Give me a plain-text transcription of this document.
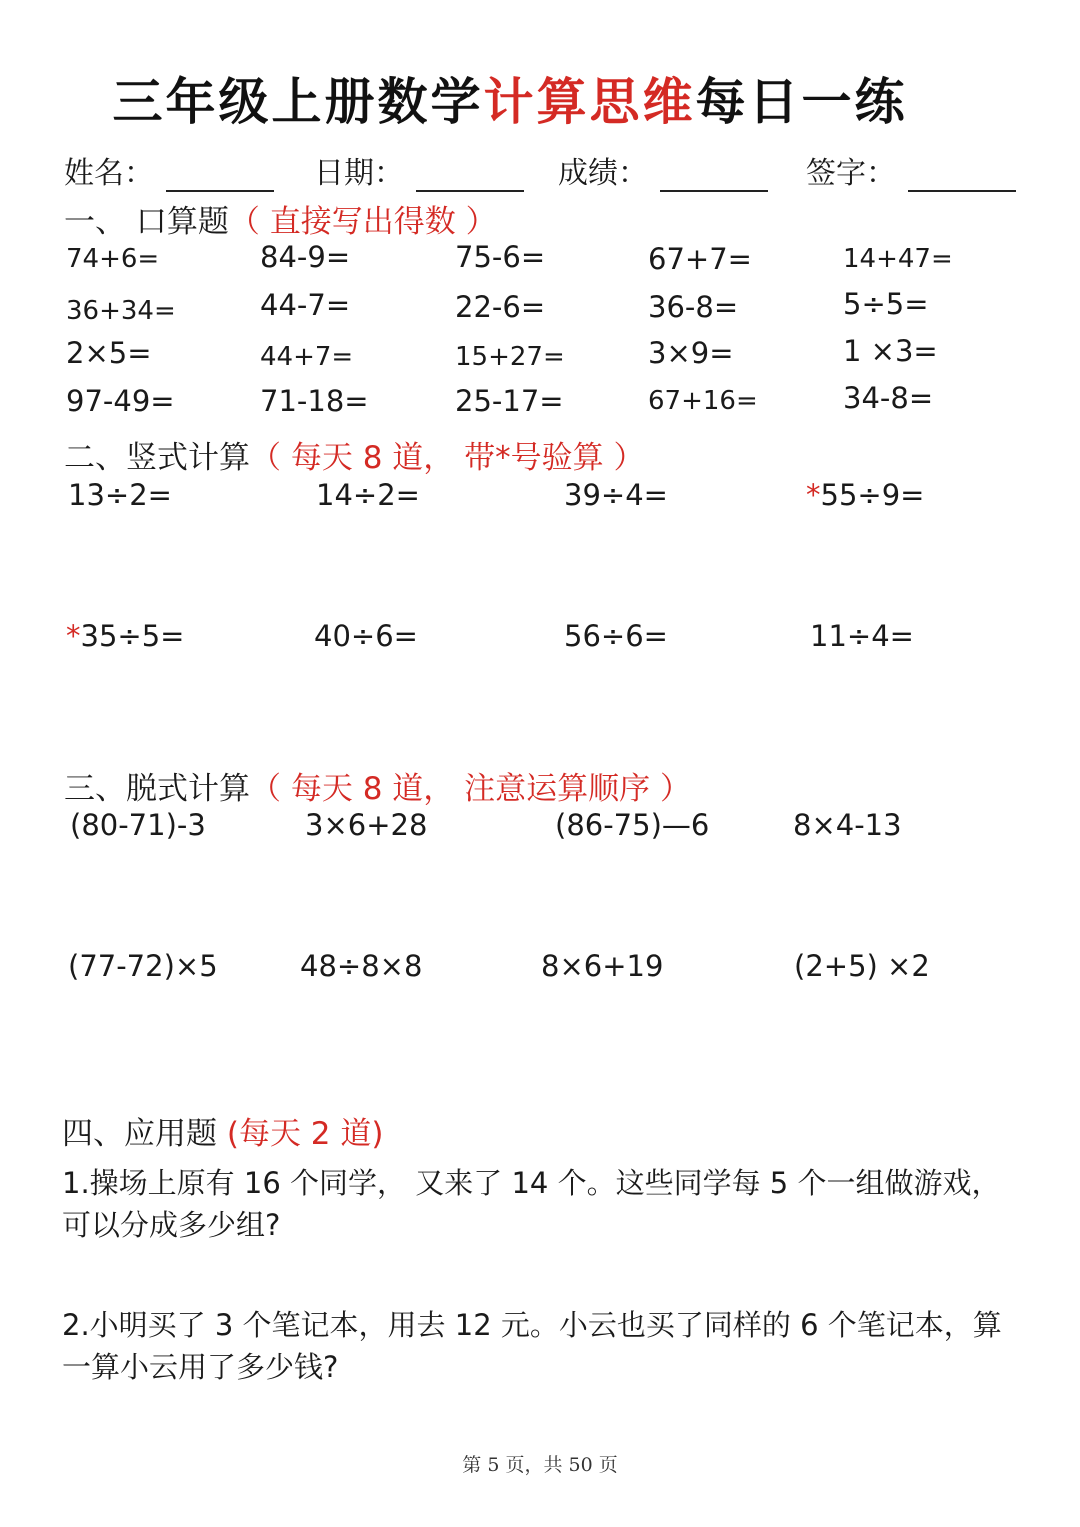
三年级上册数学计算思维每日一练
姓名：	日期：	成绩：	签字：
一、 口算题（ 直接写出得数 ）
74+6=	84-9=	75-6=	67+7=	14+47=
36+34=	44-7=	22-6=	36-8=	5÷5=
2×5=	44+7=	15+27=	3×9=	1 ×3=
97-49=	71-18=	25-17=	67+16=	34-8=
二、竖式计算（ 每天 8 道， 带*号验算 ）
13÷2=	14÷2=	39÷4=	*55÷9=
*35÷5=	40÷6=	56÷6=	11÷4=
三、脱式计算（ 每天 8 道， 注意运算顺序 ）
(80-71)-3	3×6+28	(86-75)—6	8×4-13
(77-72)×5	48÷8×8	8×6+19	(2+5) ×2
四、应用题 (每天 2 道)
1.操场上原有 16 个同学， 又来了 14 个。这些同学每 5 个一组做游戏，可以分成多少组?
2.小明买了 3 个笔记本，用去 12 元。小云也买了同样的 6 个笔记本，算一算小云用了多少钱?
第 5 页，共 50 页
